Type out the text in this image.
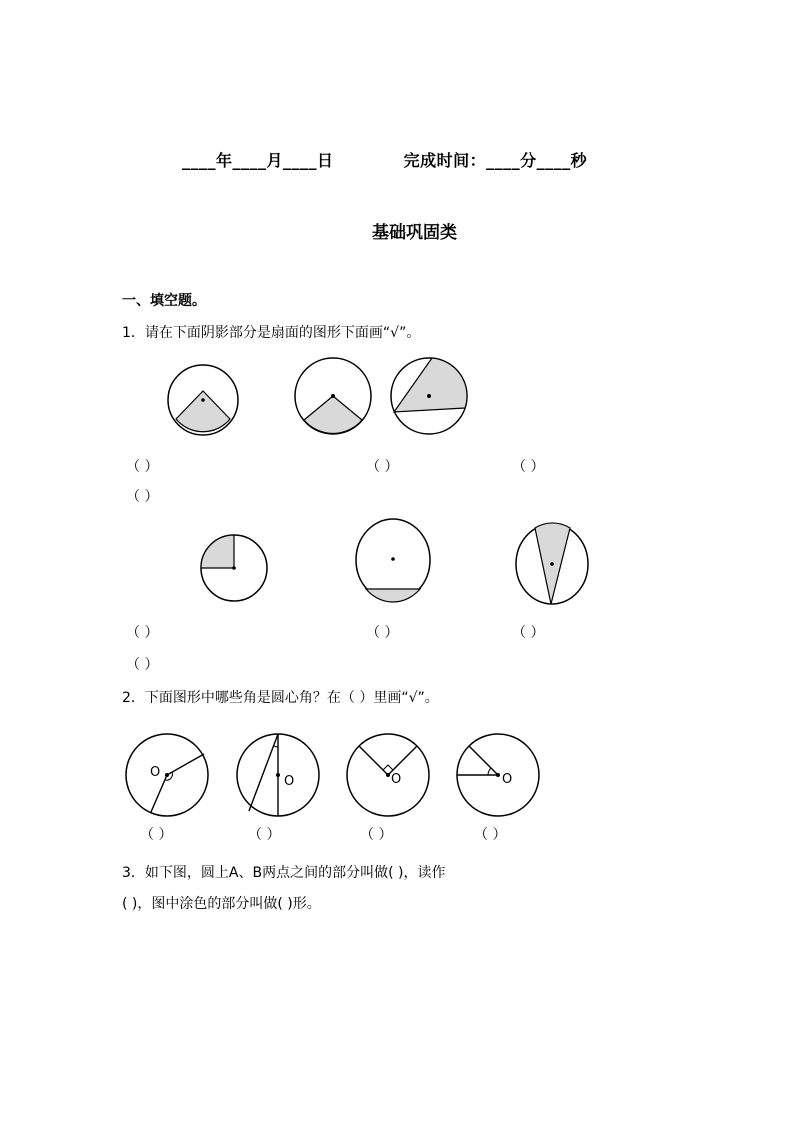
____年____月____日	完成时间：____分____秒
基础巩固类
一、填空题。
1．请在下面阴影部分是扇面的图形下面画“√”。
（ ）	（ ）	（ ）
（ ）
（ ）	（ ）	（ ）
（ ）
2．下面图形中哪些角是圆心角？在（ ）里画“√”。
O
O	O	O
（ ）	（ ）	（ ）	（ ）
3．如下图，圆上A、B两点之间的部分叫做( )，读作
( )，图中涂色的部分叫做( )形。
